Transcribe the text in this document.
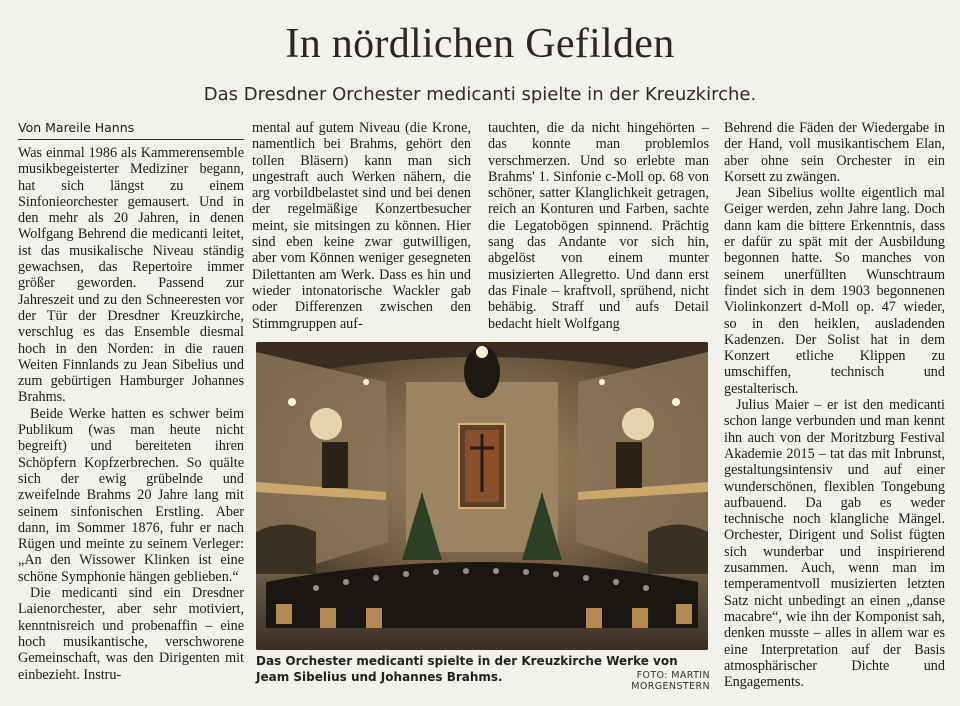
In nördlichen Gefilden
Das Dresdner Orchester medicanti spielte in der Kreuzkirche.
Von Mareile Hanns

Was einmal 1986 als Kammerensemble musikbegeisterter Mediziner begann, hat sich längst zu einem Sinfonieorchester gemausert. Und in den mehr als 20 Jahren, in denen Wolfgang Behrend die medicanti leitet, ist das musikalische Niveau ständig gewachsen, das Repertoire immer größer geworden. Passend zur Jahreszeit und zu den Schneeresten vor der Tür der Dresdner Kreuzkirche, verschlug es das Ensemble diesmal hoch in den Norden: in die rauen Weiten Finnlands zu Jean Sibelius und zum gebürtigen Hamburger Johannes Brahms.

Beide Werke hatten es schwer beim Publikum (was man heute nicht begreift) und bereiteten ihren Schöpfern Kopfzerbrechen. So quälte sich der ewig grübelnde und zweifelnde Brahms 20 Jahre lang mit seinem sinfonischen Erstling. Aber dann, im Sommer 1876, fuhr er nach Rügen und meinte zu seinem Verleger: „An den Wissower Klinken ist eine schöne Symphonie hängen geblieben.“

Die medicanti sind ein Dresdner Laienorchester, aber sehr motiviert, kenntnisreich und probenaffin – eine hoch musikantische, verschworene Gemeinschaft, was den Dirigenten mit einbezieht. Instru-

mental auf gutem Niveau (die Krone, namentlich bei Brahms, gehört den tollen Bläsern) kann man sich ungestraft auch Werken nähern, die arg vorbildbelastet sind und bei denen der regelmäßige Konzertbesucher meint, sie mitsingen zu können. Hier sind eben keine zwar gutwilligen, aber vom Können weniger gesegneten Dilettanten am Werk. Dass es hin und wieder intonatorische Wackler gab oder Differenzen zwischen den Stimmgruppen auf-

tauchten, die da nicht hingehörten – das konnte man problemlos verschmerzen. Und so erlebte man Brahms' 1. Sinfonie c-Moll op. 68 von schöner, satter Klanglichkeit getragen, reich an Konturen und Farben, sachte die Legatobögen spinnend. Prächtig sang das Andante vor sich hin, abgelöst von einem munter musizierten Allegretto. Und dann erst das Finale – kraftvoll, sprühend, nicht behäbig. Straff und aufs Detail bedacht hielt Wolfgang

Behrend die Fäden der Wiedergabe in der Hand, voll musikantischem Elan, aber ohne sein Orchester in ein Korsett zu zwängen.

Jean Sibelius wollte eigentlich mal Geiger werden, zehn Jahre lang. Doch dann kam die bittere Erkenntnis, dass er dafür zu spät mit der Ausbildung begonnen hatte. So manches von seinem unerfüllten Wunschtraum findet sich in dem 1903 begonnenen Violinkonzert d-Moll op. 47 wieder, so in den heiklen, ausladenden Kadenzen. Der Solist hat in dem Konzert etliche Klippen zu umschiffen, technisch und gestalterisch.

Julius Maier – er ist den medicanti schon lange verbunden und man kennt ihn auch von der Moritzburg Festival Akademie 2015 – tat das mit Inbrunst, gestaltungsintensiv und auf einer wunderschönen, flexiblen Tongebung aufbauend. Da gab es weder technische noch klangliche Mängel. Orchester, Dirigent und Solist fügten sich wunderbar und inspirierend zusammen. Auch, wenn man im temperamentvoll musizierten letzten Satz nicht unbedingt an einen „danse macabre“, wie ihn der Komponist sah, denken musste – alles in allem war es eine Interpretation auf der Basis atmosphärischer Dichte und Engagements.

Das Orchester medicanti spielte in der Kreuzkirche Werke von Jeam Sibelius und Johannes Brahms.	FOTO: MARTIN MORGENSTERN
